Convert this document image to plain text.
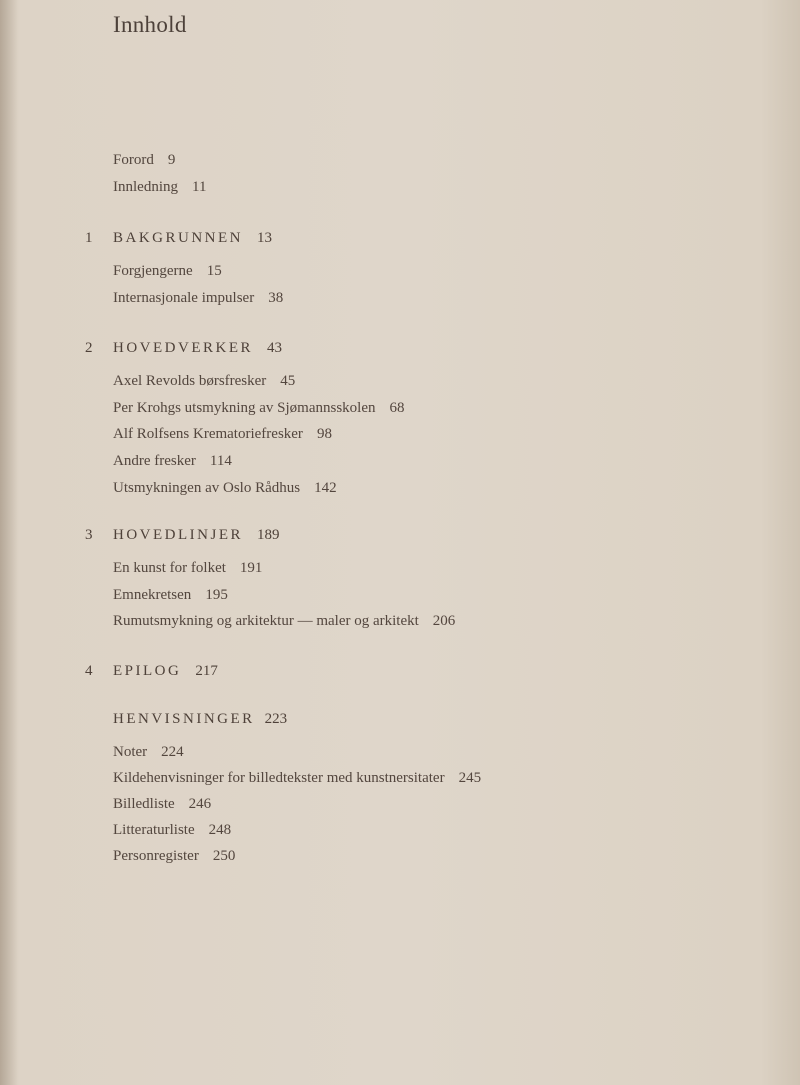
Innhold
Forord 9
Innledning 11
1 BAKGRUNNEN 13
Forgjengerne 15
Internasjonale impulser 38
2 HOVEDVERKER 43
Axel Revolds børsfresker 45
Per Krohgs utsmykning av Sjømannsskolen 68
Alf Rolfsens Krematoriefresker 98
Andre fresker 114
Utsmykningen av Oslo Rådhus 142
3 HOVEDLINJER 189
En kunst for folket 191
Emnekretsen 195
Rumutsmykning og arkitektur — maler og arkitekt 206
4 EPILOG 217
HENVISNINGER 223
Noter 224
Kildehenvisninger for billedtekster med kunstnersitater 245
Billedliste 246
Litteraturliste 248
Personregister 250
